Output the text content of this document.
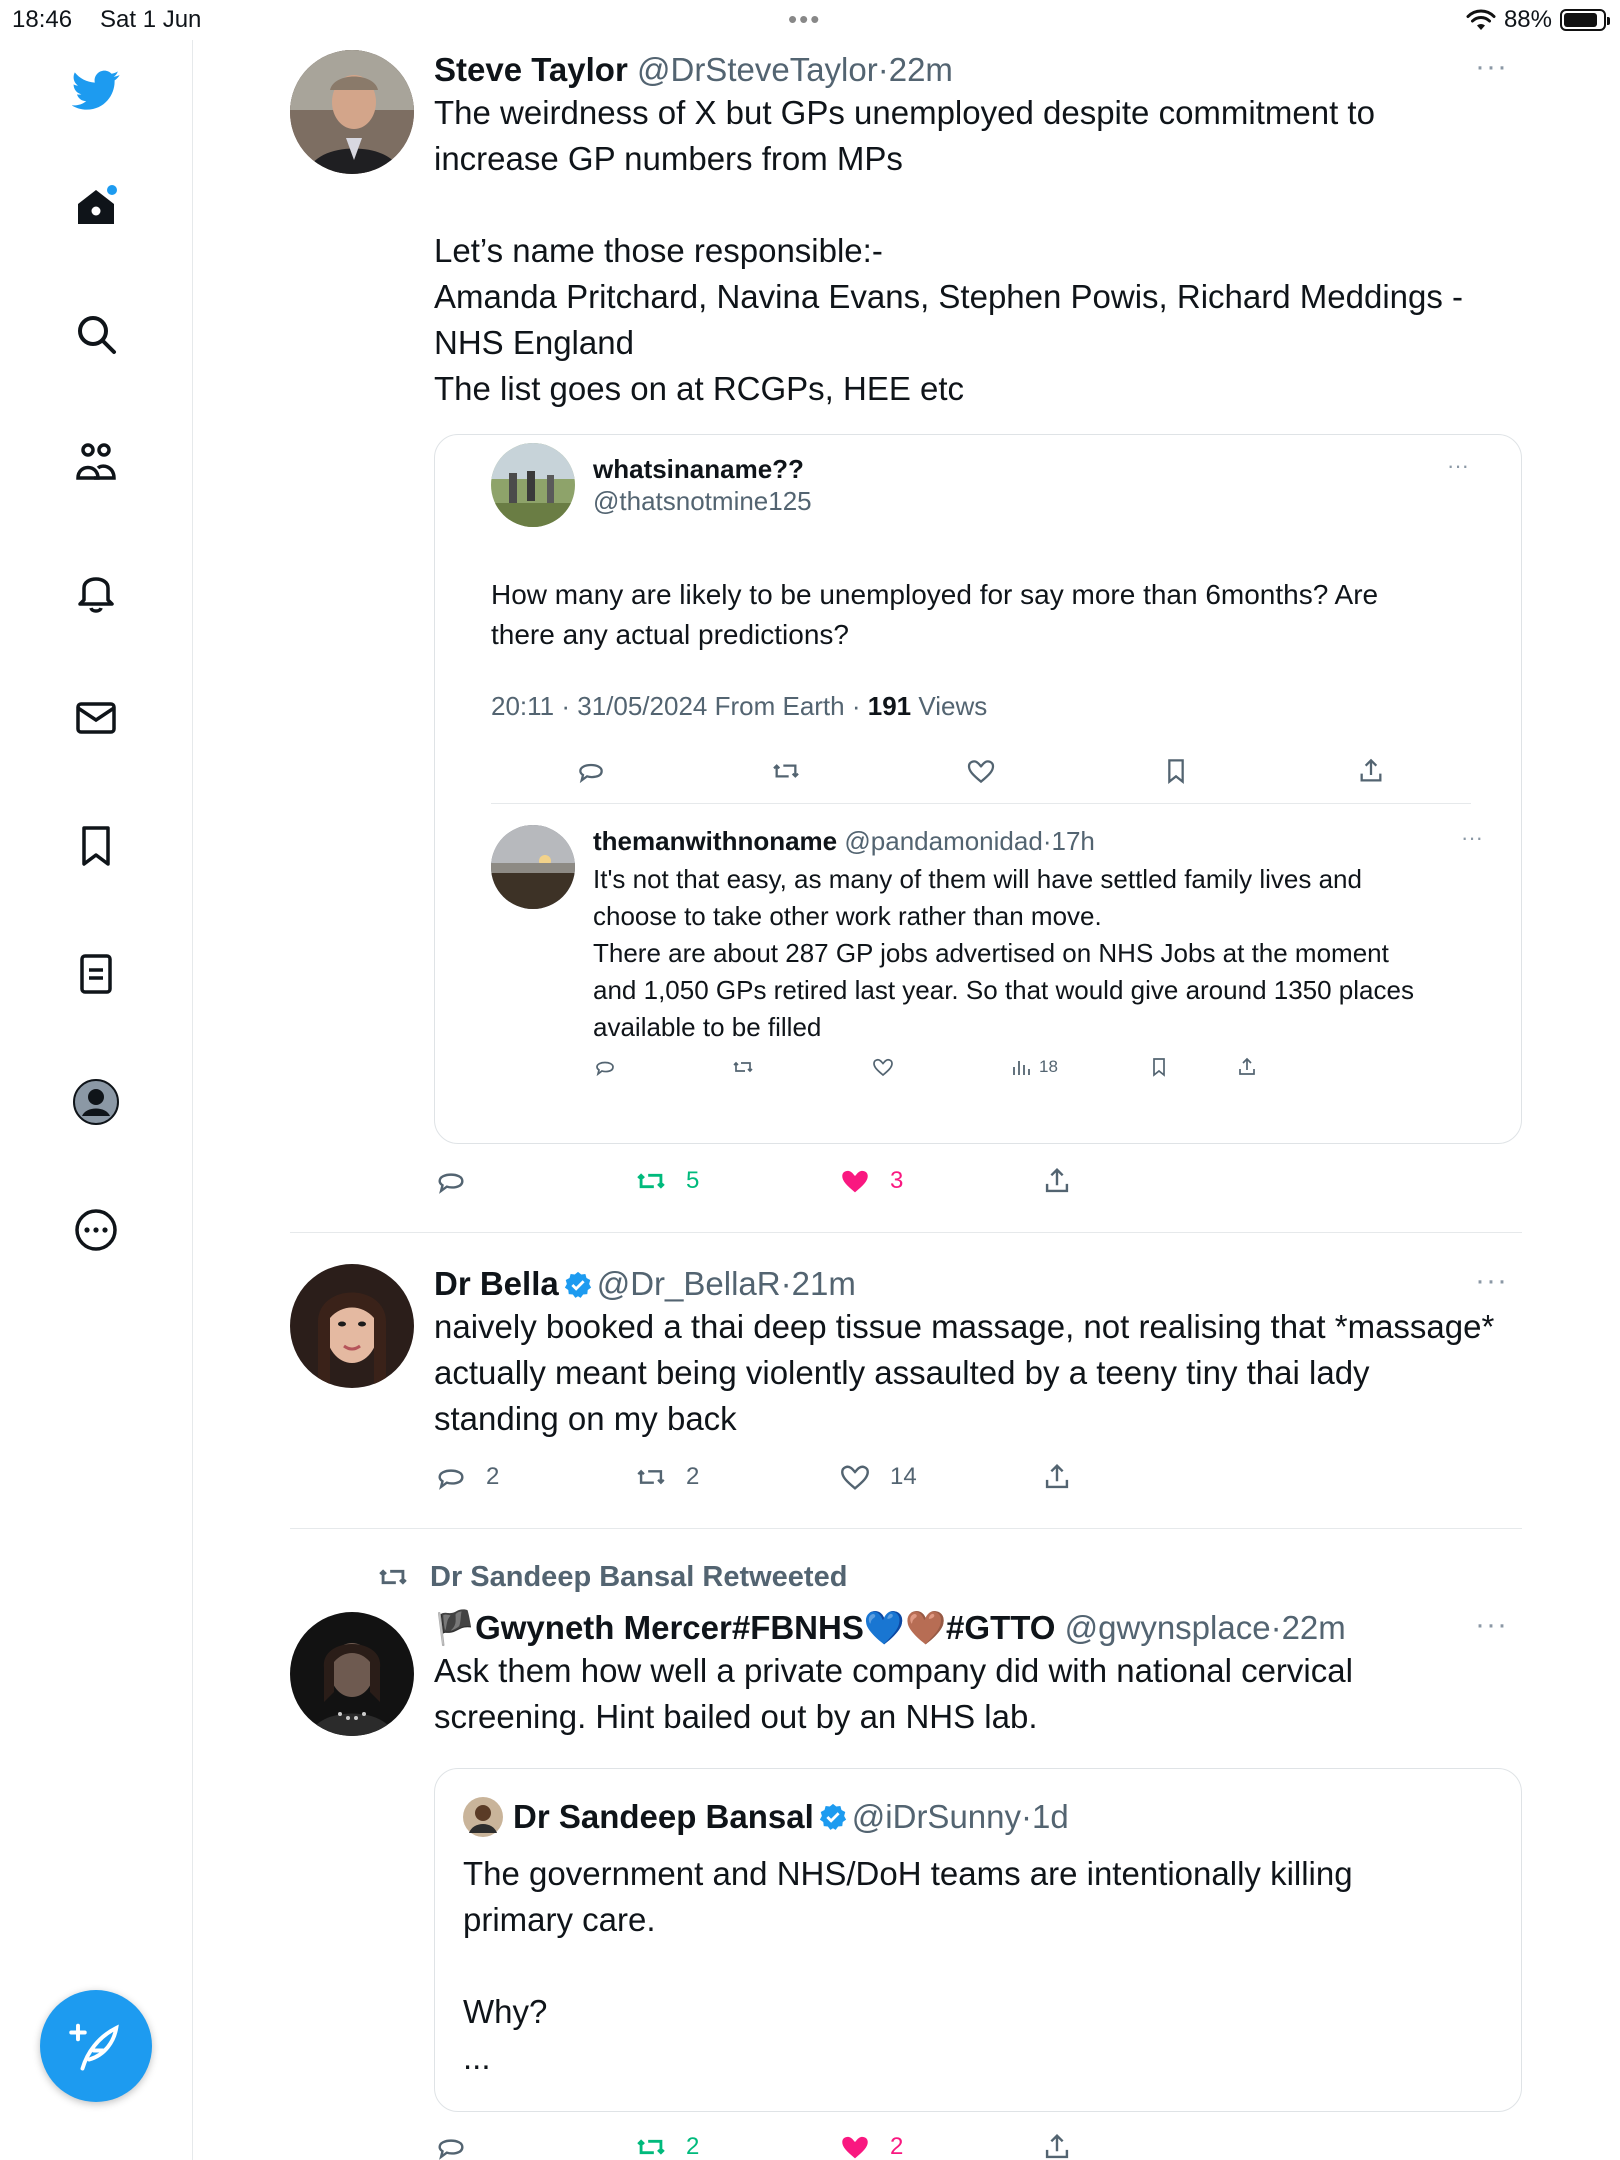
18:46 Sat 1 Jun	•••	88%
Steve Taylor @DrSteveTaylor·22m	···
The weirdness of X but GPs unemployed despite commitment to
increase GP numbers from MPs

Let’s name those responsible:-
Amanda Pritchard, Navina Evans, Stephen Powis, Richard Meddings -
NHS England
The list goes on at RCGPs, HEE etc
whatsinaname??
@thatsnotmine125
···
How many are likely to be unemployed for say more than 6months? Are there any actual predictions?
20:11 · 31/05/2024 From Earth · 191 Views
themanwithnoname @pandamonidad·17h	···
It's not that easy, as many of them will have settled family lives and
choose to take other work rather than move.
There are about 287 GP jobs advertised on NHS Jobs at the moment
and 1,050 GPs retired last year. So that would give around 1350 places
available to be filled
18
5	3
Dr Bella @Dr_BellaR·21m	···
naively booked a thai deep tissue massage, not realising that *massage*
actually meant being violently assaulted by a teeny tiny thai lady
standing on my back
2	2	14
Dr Sandeep Bansal Retweeted
🏴Gwyneth Mercer#FBNHS💙🤎#GTTO @gwynsplace·22m	···
Ask them how well a private company did with national cervical
screening. Hint bailed out by an NHS lab.
Dr Sandeep Bansal @iDrSunny · 1d
The government and NHS/DoH teams are intentionally killing
primary care.

Why?
...
2	2
